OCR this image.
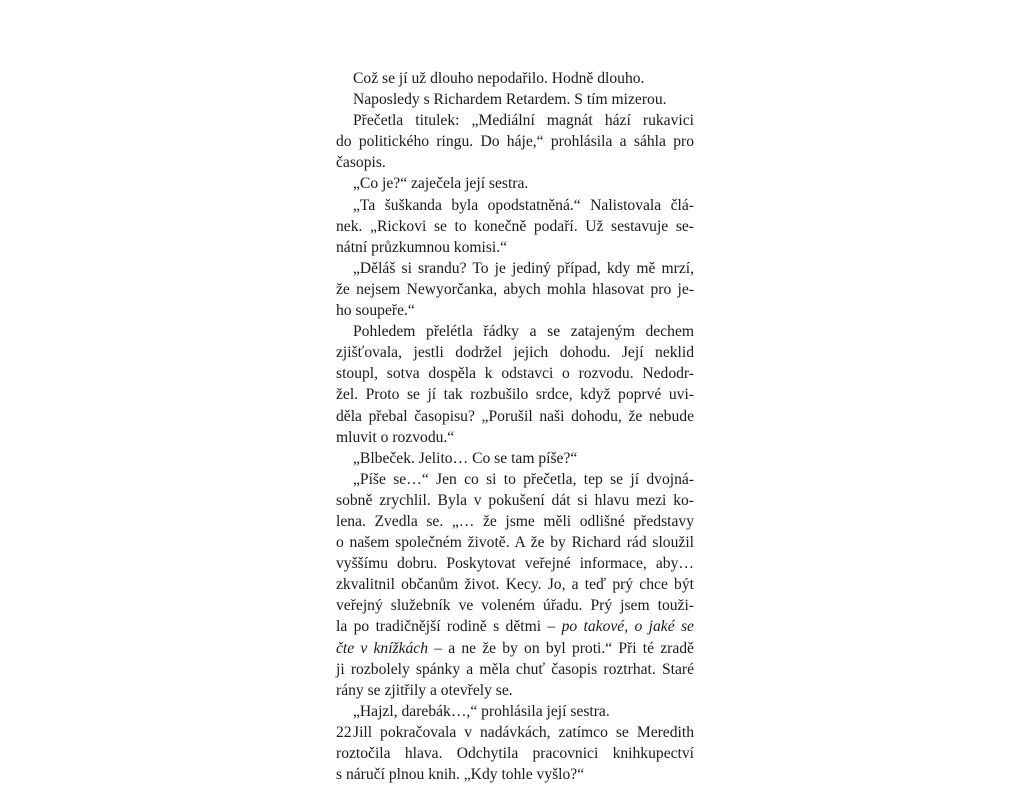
Což se jí už dlouho nepodařilo. Hodně dlouho.
Naposledy s Richardem Retardem. S tím mizerou.
Přečetla titulek: „Mediální magnát hází rukavici
do politického ringu. Do háje,“ prohlásila a sáhla pro
časopis.
„Co je?“ zaječela její sestra.
„Ta šuškanda byla opodstatněná.“ Nalistovala člá-
nek. „Rickovi se to konečně podaří. Už sestavuje se-
nátní průzkumnou komisi.“
„Děláš si srandu? To je jediný případ, kdy mě mrzí,
že nejsem Newyorčanka, abych mohla hlasovat pro je-
ho soupeře.“
Pohledem přelétla řádky a se zatajeným dechem
zjišťovala, jestli dodržel jejich dohodu. Její neklid
stoupl, sotva dospěla k odstavci o rozvodu. Nedodr-
žel. Proto se jí tak rozbušilo srdce, když poprvé uvi-
děla přebal časopisu? „Porušil naši dohodu, že nebude
mluvit o rozvodu.“
„Blbeček. Jelito… Co se tam píše?“
„Píše se…“ Jen co si to přečetla, tep se jí dvojná-
sobně zrychlil. Byla v pokušení dát si hlavu mezi ko-
lena. Zvedla se. „… že jsme měli odlišné představy
o našem společném životě. A že by Richard rád sloužil
vyššímu dobru. Poskytovat veřejné informace, aby…
zkvalitnil občanům život. Kecy. Jo, a teď prý chce být
veřejný služebník ve voleném úřadu. Prý jsem touži-
la po tradičnější rodině s dětmi – po takové, o jaké se
čte v knížkách – a ne že by on byl proti.“ Při té zradě
ji rozbolely spánky a měla chuť časopis roztrhat. Staré
rány se zjitřily a otevřely se.
„Hajzl, darebák…,“ prohlásila její sestra.
Jill pokračovala v nadávkách, zatímco se Meredith
roztočila hlava. Odchytila pracovnici knihkupectví
s náručí plnou knih. „Kdy tohle vyšlo?“
22
